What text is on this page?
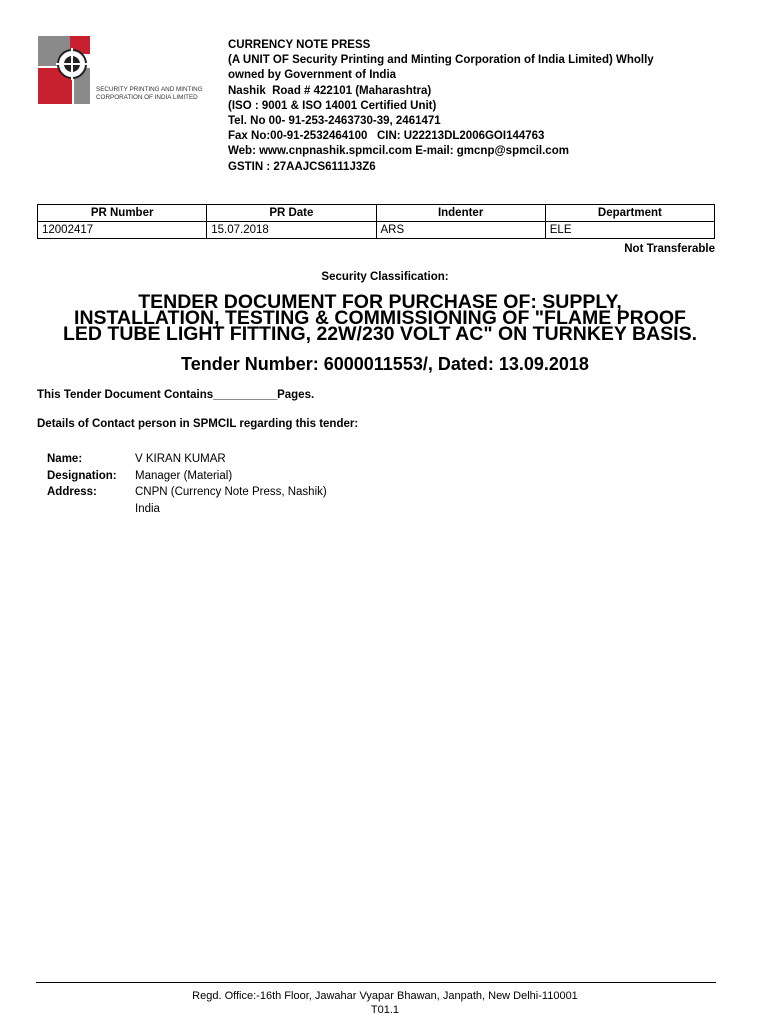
SECURITY PRINTING AND MINTING
CORPORATION OF INDIA LIMITED
CURRENCY NOTE PRESS
(A UNIT OF Security Printing and Minting Corporation of India Limited) Wholly
owned by Government of India
Nashik  Road # 422101 (Maharashtra)
(ISO : 9001 & ISO 14001 Certified Unit)
Tel. No 00- 91-253-2463730-39, 2461471
Fax No:00-91-2532464100   CIN: U22213DL2006GOI144763
Web: www.cnpnashik.spmcil.com E-mail: gmcnp@spmcil.com
GSTIN : 27AAJCS6111J3Z6
PR Number	PR Date	Indenter	Department
12002417	15.07.2018	ARS	ELE
Not Transferable
Security Classification:
TENDER DOCUMENT FOR PURCHASE OF: SUPPLY,
INSTALLATION, TESTING & COMMISSIONING OF "FLAME PROOF
LED TUBE LIGHT FITTING, 22W/230 VOLT AC" ON TURNKEY BASIS.
Tender Number: 6000011553/, Dated: 13.09.2018
This Tender Document Contains__________Pages.
Details of Contact person in SPMCIL regarding this tender:
Name:	V KIRAN KUMAR
Designation:	Manager (Material)
Address:	CNPN (Currency Note Press, Nashik)
India
Regd. Office:-16th Floor, Jawahar Vyapar Bhawan, Janpath, New Delhi-110001
T01.1
